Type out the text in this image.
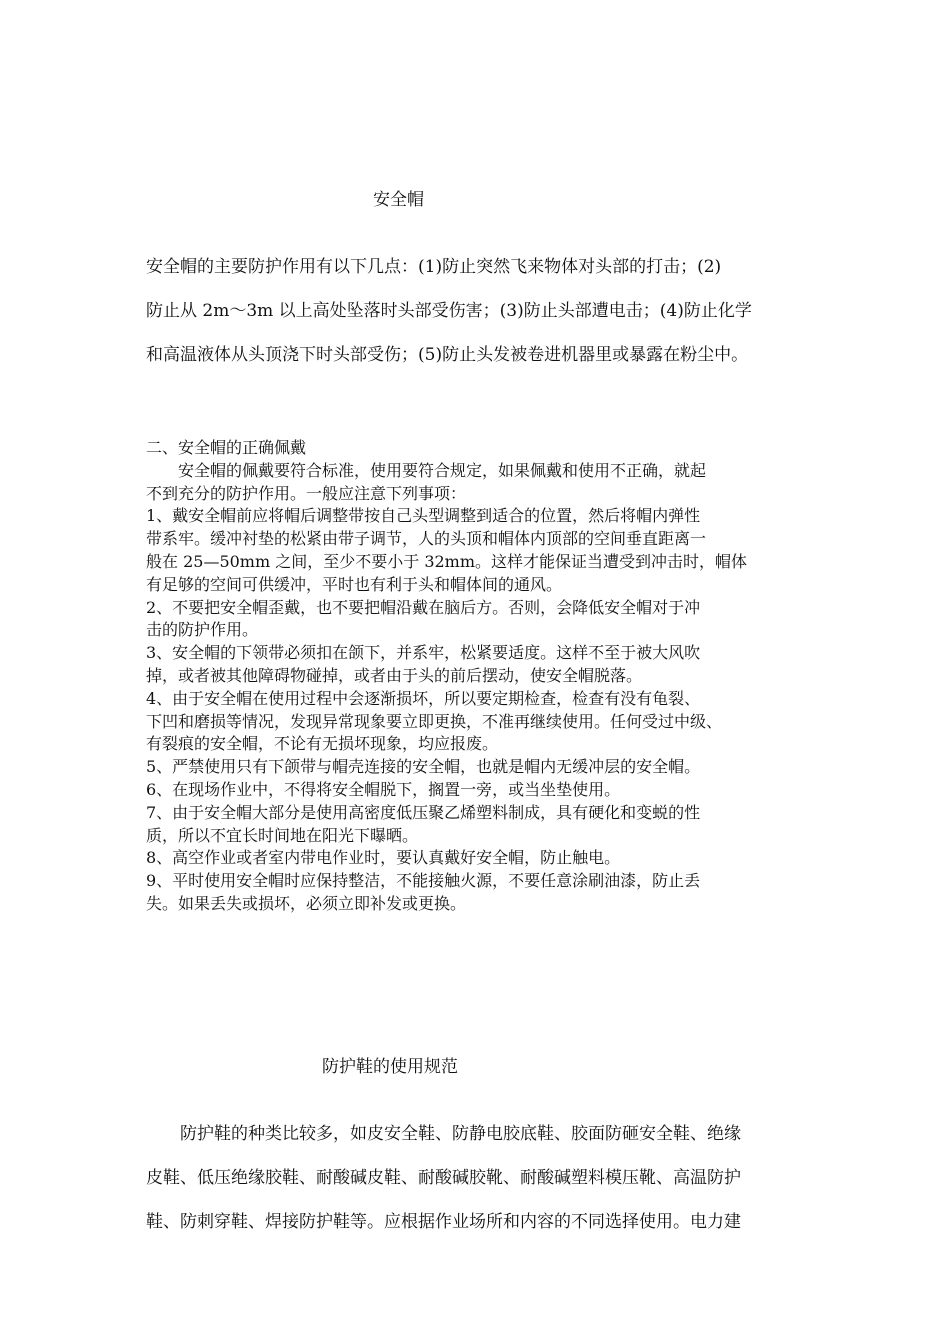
安全帽

安全帽的主要防护作用有以下几点：(1)防止突然飞来物体对头部的打击；(2)

防止从 2m～3m 以上高处坠落时头部受伤害；(3)防止头部遭电击；(4)防止化学

和高温液体从头顶浇下时头部受伤；(5)防止头发被卷进机器里或暴露在粉尘中。

二、安全帽的正确佩戴

　　安全帽的佩戴要符合标准，使用要符合规定，如果佩戴和使用不正确，就起

不到充分的防护作用。一般应注意下列事项：

1、戴安全帽前应将帽后调整带按自己头型调整到适合的位置，然后将帽内弹性

带系牢。缓冲衬垫的松紧由带子调节，人的头顶和帽体内顶部的空间垂直距离一

般在 25—50mm 之间，至少不要小于 32mm。这样才能保证当遭受到冲击时，帽体

有足够的空间可供缓冲，平时也有利于头和帽体间的通风。

2、不要把安全帽歪戴，也不要把帽沿戴在脑后方。否则，会降低安全帽对于冲

击的防护作用。

3、安全帽的下领带必须扣在颌下，并系牢，松紧要适度。这样不至于被大风吹

掉，或者被其他障碍物碰掉，或者由于头的前后摆动，使安全帽脱落。

4、由于安全帽在使用过程中会逐渐损坏，所以要定期检查，检查有没有龟裂、

下凹和磨损等情况，发现异常现象要立即更换，不准再继续使用。任何受过中级、

有裂痕的安全帽，不论有无损坏现象，均应报废。

5、严禁使用只有下颌带与帽壳连接的安全帽，也就是帽内无缓冲层的安全帽。

6、在现场作业中，不得将安全帽脱下，搁置一旁，或当坐垫使用。

7、由于安全帽大部分是使用高密度低压聚乙烯塑料制成，具有硬化和变蜕的性

质，所以不宜长时间地在阳光下曝晒。

8、高空作业或者室内带电作业时，要认真戴好安全帽，防止触电。

9、平时使用安全帽时应保持整洁，不能接触火源，不要任意涂刷油漆，防止丢

失。如果丢失或损坏，必须立即补发或更换。

防护鞋的使用规范

　　防护鞋的种类比较多，如皮安全鞋、防静电胶底鞋、胶面防砸安全鞋、绝缘

皮鞋、低压绝缘胶鞋、耐酸碱皮鞋、耐酸碱胶靴、耐酸碱塑料模压靴、高温防护

鞋、防刺穿鞋、焊接防护鞋等。应根据作业场所和内容的不同选择使用。电力建
